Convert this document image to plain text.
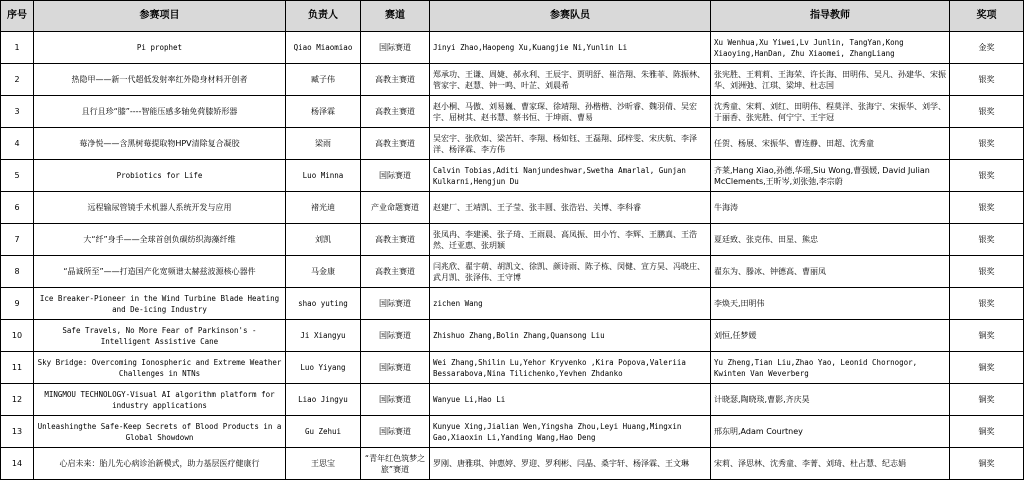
序号	参赛项目	负责人	赛道	参赛队员	指导教师	奖项
1	Pi prophet	Qiao Miaomiao	国际赛道	Jinyi Zhao,Haopeng Xu,Kuangjie Ni,Yunlin Li	Xu Wenhua,Xu Yiwei,Lv Junlin, TangYan,Kong Xiaoying,HanDan, Zhu Xiaomei, ZhangLiang	金奖
2	热隐甲——新一代超低发射率红外隐身材料开创者	臧子伟	高教主赛道	郑承功、王谦、周婕、郝永利、王辰宇、贾明舒、崔浩翔、朱雅菲、陈振林、管家宇、赵慧、钟一鸣、叶芷、刘晨希	张宪胜、王莉莉、王海荣、许长海、田明伟、吴凡、孙建华、宋振华、刘洲弛、江琪、梁坤、杜志国	银奖
3	且行且珍“膝”----智能压感多轴免荷膝矫形器	杨泽霖	高教主赛道	赵小桐、马傲、刘易巍、曹家琛、徐靖翔、孙楷楷、沙昕睿、魏羽倩、吴宏宇、屈树其、赵书慧、蔡书恒、于坤雨、曹易	沈秀童、宋莉、刘红、田明伟、程莫洋、张海宁、宋振华、刘学、于丽香、张宪胜、何宁宁、王宇冠	银奖
4	莓净悦——含黑树莓提取物HPV清除复合凝胶	梁雨	高教主赛道	吴宏宇、张欣如、梁苦轩、李翔、杨如钰、王磊翔、邱梓雯、宋庆航、李泽洋、杨泽霖、李方伟	任贺、杨展、宋振华、曹连静、田超、沈秀童	银奖
5	Probiotics for Life	Luo Minna	国际赛道	Calvin Tobias,Aditi Nanjundeshwar,Swetha Amarlal, Gunjan Kulkarni,Hengjun Du	齐莱,Hang Xiao,孙德,华瑶,Siu Wong,曹强媛, David Julian McClements,王昕岑,刘张弛,李宗蔚	银奖
6	远程输尿管镜手术机器人系统开发与应用	褚光迪	产业命题赛道	赵建厂、王靖凯、王子莹、张丰圆、张浩岩、关博、李科睿	牛海涛	银奖
7	大“纤”身手——全球首创负碳纺织海藻纤维	刘凯	高教主赛道	张凤冉、李建溪、张子琦、王雨晨、高凤振、田小竹、李辉、王鹏真、王浩然、迁亚惠、张玥颖	夏廷致、张克伟、田星、熊忠	银奖
8	“晶诚所至”——打造国产化宽频谱太赫兹波源核心器件	马金康	高教主赛道	闫兆欣、翟宇萌、胡凯文、徐凯、颜诗雨、陈子栋、闵健、宣方昊、冯晓庄、武月凯、张泽伟、王守博	翟东为、滕冰、钟德高、曹丽凤	银奖
9	Ice Breaker-Pioneer in the Wind Turbine Blade Heating and De-icing Industry	shao yuting	国际赛道	zichen Wang	李焕天,田明伟	银奖
10	Safe Travels, No More Fear of Parkinson's - Intelligent Assistive Cane	Ji Xiangyu	国际赛道	Zhishuo Zhang,Bolin Zhang,Quansong Liu	刘恒,任梦媛	铜奖
11	Sky Bridge: Overcoming Ionospheric and Extreme Weather Challenges in NTNs	Luo Yiyang	国际赛道	Wei Zhang,Shilin Lu,Yehor Kryvenko ,Kira Popova,Valeriia Bessarabova,Nina Tilichenko,Yevhen Zhdanko	Yu Zheng,Tian Liu,Zhao Yao, Leonid Chornogor, Kwinten Van Weverberg	铜奖
12	MINGMOU TECHNOLOGY-Visual AI algorithm platform for industry applications	Liao Jingyu	国际赛道	Wanyue Li,Hao Li	计晓瑟,陶晓琰,曹影,齐庆昊	铜奖
13	Unleashingthe Safe-Keep Secrets of Blood Products in a Global Showdown	Gu Zehui	国际赛道	Kunyue Xing,Jialian Wen,Yingsha Zhou,Leyi Huang,Mingxin Gao,Xiaoxin Li,Yanding Wang,Hao Deng	邢东明,Adam Courtney	铜奖
14	心启未来：胎儿先心病诊治新模式，助力基层医疗健康行	王思宝	“青年红色筑梦之旅”赛道	罗刚、唐雅琪、钟惠婷、罗迎、罗利彬、闫晶、桑宇轩、杨泽霖、王文琳	宋莉、泽思林、沈秀童、李菁、刘琦、杜占慧、纪志娟	铜奖
